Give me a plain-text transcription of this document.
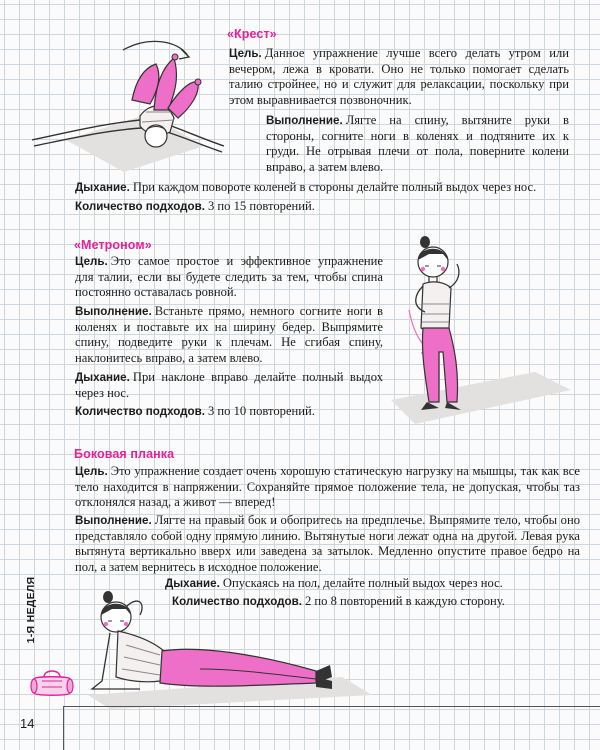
«Крест»
Цель. Данное упражнение лучше всего делать утром или вечером, лежа в кровати. Оно не только помогает сделать талию стройнее, но и служит для релаксации, поскольку при этом выравнивается позвоночник.
Выполнение. Лягте на спину, вытяните руки в стороны, согните ноги в коленях и подтяните их к груди. Не отрывая плечи от пола, поверните колени вправо, а затем влево.
Дыхание. При каждом повороте коленей в стороны делайте полный выдох через нос.
Количество подходов. 3 по 15 повторений.
«Метроном»
Цель. Это самое простое и эффективное упражнение для талии, если вы будете следить за тем, чтобы спина постоянно оставалась ровной.
Выполнение. Встаньте прямо, немного согните ноги в коленях и поставьте их на ширину бедер. Выпрямите спину, подведите руки к плечам. Не сгибая спину, наклонитесь вправо, а затем влево.
Дыхание. При наклоне вправо делайте полный выдох через нос.
Количество подходов. 3 по 10 повторений.
Боковая планка
Цель. Это упражнение создает очень хорошую статическую нагрузку на мышцы, так как все тело находится в напряжении. Сохраняйте прямое положение тела, не допуская, чтобы таз отклонялся назад, а живот — вперед!
Выполнение. Лягте на правый бок и обопритесь на предплечье. Выпрямите тело, чтобы оно представляло собой одну прямую линию. Вытянутые ноги лежат одна на другой. Левая рука вытянута вертикально вверх или заведена за затылок. Медленно опустите правое бедро на пол, а затем вернитесь в исходное положение.
Дыхание. Опускаясь на пол, делайте полный выдох через нос.
Количество подходов. 2 по 8 повторений в каждую сторону.
1-Я НЕДЕЛЯ
14
